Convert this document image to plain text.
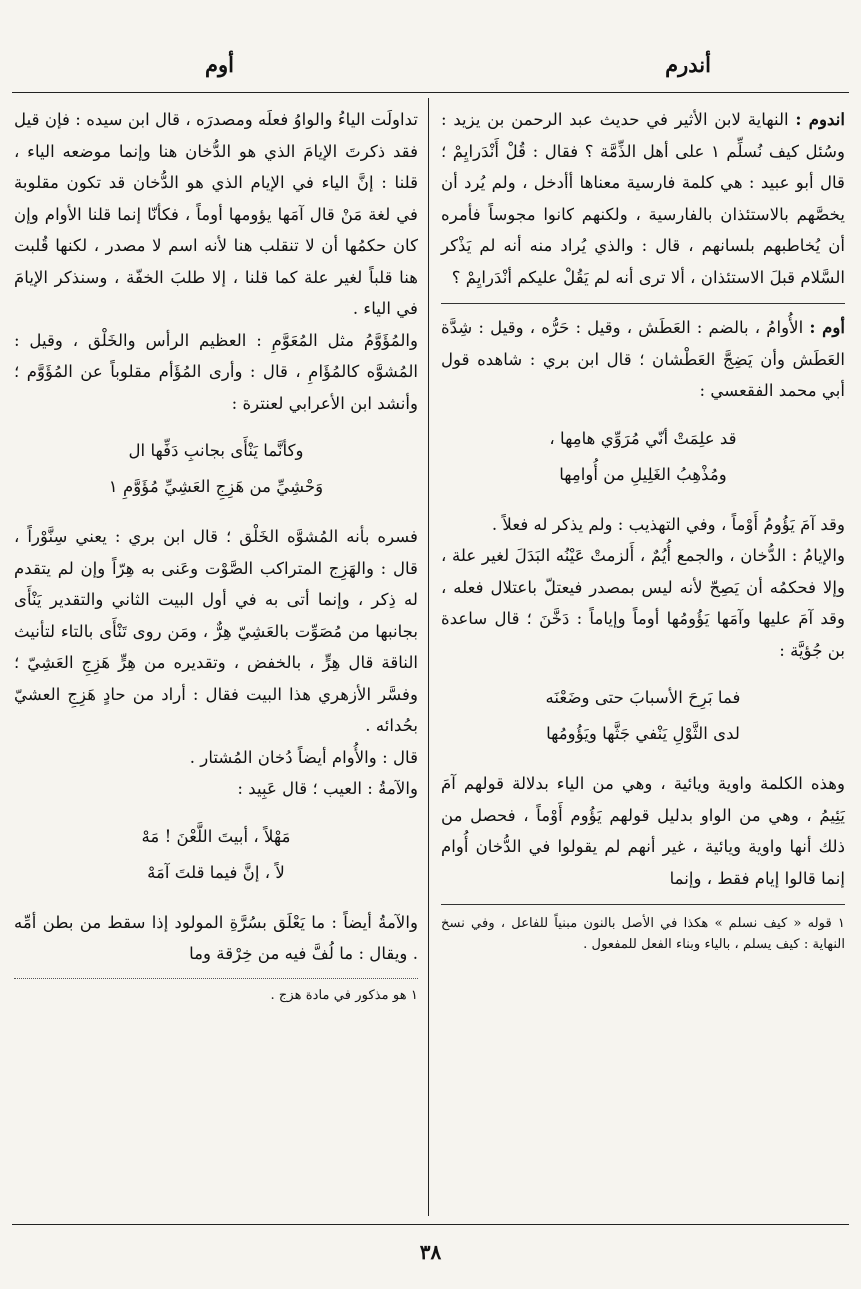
أندرم
أوم

اندوم : النهاية لابن الأثير في حديث عبد الرحمن بن يزيد : وسُئل كيف نُسلِّم ١ على أهل الذِّمَّة ؟ فقال : قُلْ أَنْدَرايِمْ ؛ قال أبو عبيد : هي كلمة فارسية معناها أأدخل ، ولم يُرد أن يخصَّهم بالاستئذان بالفارسية ، ولكنهم كانوا مجوساً فأمره أن يُخاطبهم بلسانهم ، قال : والذي يُراد منه أنه لم يَذْكر السَّلام قبلَ الاستئذان ، ألا ترى أنه لم يَقُلْ عليكم أنْدَرايِمْ ؟

أوم : الأُوامُ ، بالضم : العَطَش ، وقيل : حَرُّه ، وقيل : شِدَّة العَطَش وأن يَضِجَّ العَطْشان ؛ قال ابن بري : شاهده قول أبي محمد الفقعسي :

قد علِمَتْ أنّي مُرَوِّي هامِها ،
ومُذْهِبُ الغَلِيلِ من أُوامِها

وقد آمَ يَؤُومُ أَوْماً ، وفي التهذيب : ولم يذكر له فعلاً .

والإيامُ : الدُّخان ، والجمع أُيُمٌ ، أَلزمتْ عَيْنُه البَدَلَ لغير علة ، وإلا فحكمُه أن يَصِحّ لأنه ليس بمصدر فيعتلّ باعتلال فعله ، وقد آمَ عليها وآمَها يَؤُومُها أوماً وإياماً : دَخَّنَ ؛ قال ساعدة بن جُؤيَّة :

فما بَرِحَ الأسبابَ حتى وضَعْنَه
لدى الثَّوْلِ يَنْفي جَثَّها ويَؤُومُها

وهذه الكلمة واوية ويائية ، وهي من الياء بدلالة قولهم آمَ يَئِيمُ ، وهي من الواو بدليل قولهم يَؤُوم أَوْماً ، فحصل من ذلك أنها واوية ويائية ، غير أنهم لم يقولوا في الدُّخان أُوام إنما قالوا إيام فقط ، وإنما

١ قوله « كيف نسلم » هكذا في الأصل بالنون مبنياً للفاعل ، وفي نسخ النهاية : كيف يسلم ، بالياء وبناء الفعل للمفعول .

تداولَت الياءُ والواوُ فعلَه ومصدرَه ، قال ابن سيده : فإن قيل فقد ذكرتَ الإيامَ الذي هو الدُّخان هنا وإنما موضعه الياء ، قلنا : إنَّ الياء في الإيام الذي هو الدُّخان قد تكون مقلوبة في لغة مَنْ قال آمَها يؤومها أوماً ، فكأنّا إنما قلنا الأوام وإن كان حكمُها أن لا تنقلب هنا لأنه اسم لا مصدر ، لكنها قُلبت هنا قلباً لغير علة كما قلنا ، إلا طلبَ الخفّة ، وسنذكر الإيامَ في الياء .

والمُؤَوَّمُ مثل المُعَوَّمِ : العظيم الرأس والخَلْق ، وقيل : المُشوَّه كالمُؤَامِ ، قال : وأرى المُؤَأم مقلوباً عن المُؤَوَّم ؛ وأنشد ابن الأعرابي لعنترة :

وكأنَّما يَنْأَى بجانبِ دَفِّها ال
وَحْشِيِّ من هَزِجِ العَشِيِّ مُؤَوَّمِ ١

فسره بأنه المُشوَّه الخَلْق ؛ قال ابن بري : يعني سِنَّوْراً ، قال : والهَزِج المتراكب الصَّوْت وعَنى به هِرّاً وإن لم يتقدم له ذِكر ، وإنما أتى به في أول البيت الثاني والتقدير يَنْأَى بجانبها من مُصَوِّت بالعَشِيّ هِرٌّ ، ومَن روى تَنْأَى بالتاء لتأنيث الناقة قال هِرٍّ ، بالخفض ، وتقديره من هِرٍّ هَزِجِ العَشِيّ ؛ وفسَّر الأزهري هذا البيت فقال : أراد من حادٍ هَزِجِ العشيّ بحُدائه .

قال : والأُوام أيضاً دُخان المُشتار .

والآمةُ : العيب ؛ قال عَبِيد :

مَهْلاً ، أبيتَ اللَّعْنَ ! مَهْ
لاً ، إنَّ فيما قلتَ آمَهْ

والآمةُ أيضاً : ما يَعْلَق بسُرَّةِ المولود إذا سقط من بطن أمِّه . ويقال : ما لُفَّ فيه من خِرْقة وما

١ هو مذكور في مادة هزج .

٣٨
